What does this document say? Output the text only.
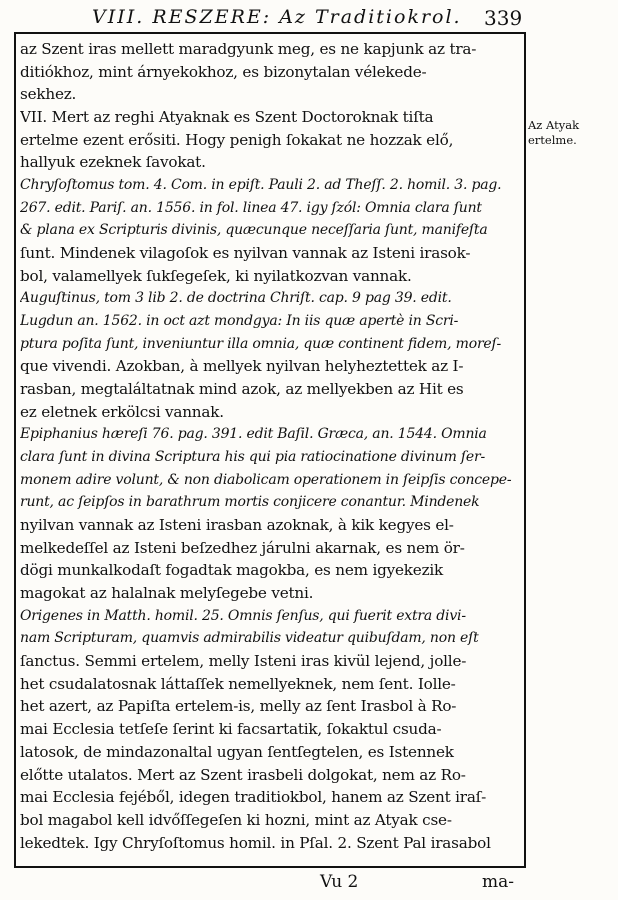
VIII. RESZERE: Az Traditiokrol. 339
az Szent iras mellett maradgyunk meg, es ne kapjunk az tra-
ditiókhoz, mint árnyekokhoz, es bizonytalan vélekede-
sekhez.
VII. Mert az reghi Atyaknak es Szent Doctoroknak tiſta
ertelme ezent erősiti. Hogy penigh ſokakat ne hozzak elő,
hallyuk ezeknek ſavokat.
Chryſoſtomus tom. 4. Com. in epiſt. Pauli 2. ad Theſſ. 2. homil. 3. pag.
267. edit. Pariſ. an. 1556. in fol. linea 47. igy ſzól: Omnia clara ſunt
& plana ex Scripturis divinis, quæcunque neceſſaria ſunt, manifeſta
ſunt. Mindenek vilagoſok es nyilvan vannak az Isteni irasok-
bol, valamellyek ſukſegeſek, ki nyilatkozvan vannak.
Auguſtinus, tom 3 lib 2. de doctrina Chriſt. cap. 9 pag 39. edit.
Lugdun an. 1562. in oct azt mondgya: In iis quæ apertè in Scri-
ptura poſita ſunt, inveniuntur illa omnia, quæ continent fidem, moreſ-
que vivendi. Azokban, à mellyek nyilvan helyheztettek az I-
rasban, megtaláltatnak mind azok, az mellyekben az Hit es
ez eletnek erkölcsi vannak.
Epiphanius hæreſi 76. pag. 391. edit Baſil. Græca, an. 1544. Omnia
clara ſunt in divina Scriptura his qui pia ratiocinatione divinum ſer-
monem adire volunt, & non diabolicam operationem in ſeipſis concepe-
runt, ac ſeipſos in barathrum mortis conjicere conantur. Mindenek
nyilvan vannak az Isteni irasban azoknak, à kik kegyes el-
melkedeſſel az Isteni beſzedhez járulni akarnak, es nem ör-
dögi munkalkodaſt fogadtak magokba, es nem igyekezik
magokat az halalnak melyſegebe vetni.
Origenes in Matth. homil. 25. Omnis ſenſus, qui fuerit extra divi-
nam Scripturam, quamvis admirabilis videatur quibuſdam, non eſt
ſanctus. Semmi ertelem, melly Isteni iras kivül lejend, jolle-
het csudalatosnak láttaſſek nemellyeknek, nem ſent. Iolle-
het azert, az Papiſta ertelem-is, melly az ſent Irasbol à Ro-
mai Ecclesia tetſeſe ſerint ki facsartatik, ſokaktul csuda-
latosok, de mindazonaltal ugyan ſentſegtelen, es Istennek
előtte utalatos. Mert az Szent irasbeli dolgokat, nem az Ro-
mai Ecclesia fejéből, idegen traditiokbol, hanem az Szent iraſ-
bol magabol kell idvőſſegeſen ki hozni, mint az Atyak cse-
lekedtek. Igy Chryſoſtomus homil. in Pſal. 2. Szent Pal irasabol
Az Atyak
ertelme.
Vu 2	ma-
